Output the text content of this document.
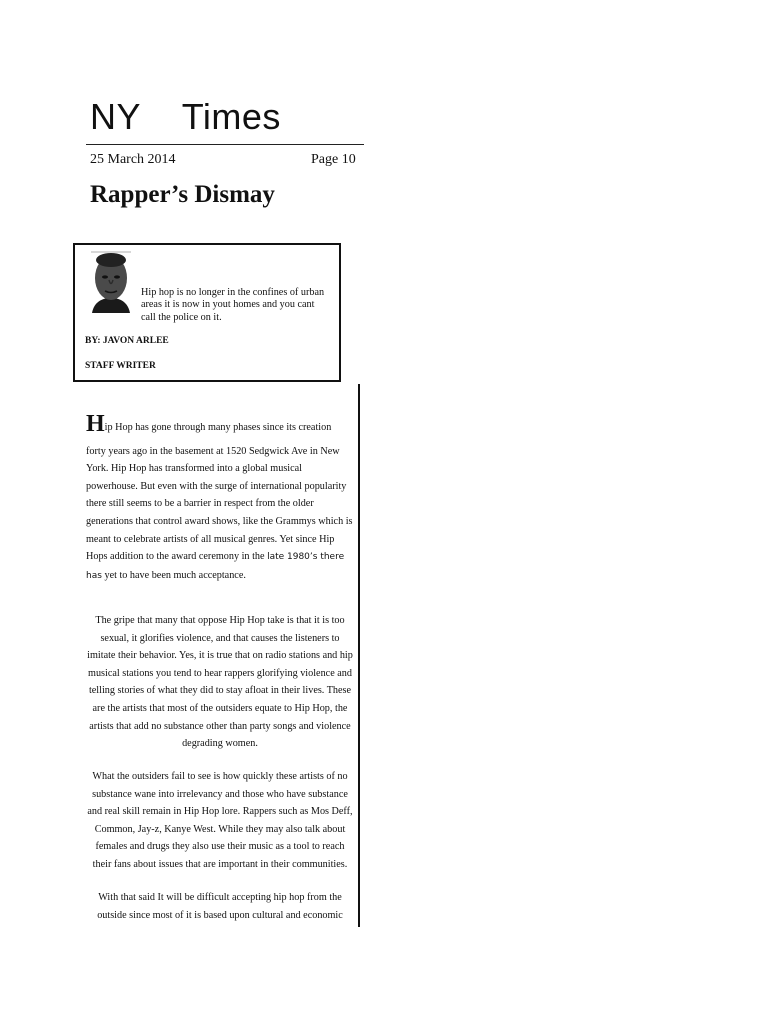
NY    Times
25 March 2014	Page 10
Rapper’s Dismay
Hip hop is no longer in the confines of urban areas it is now in yout homes and you cant call the police on it.
BY: JAVON ARLEE
STAFF WRITER
Hip Hop has gone through many phases since its creation
forty years ago in the basement at 1520 Sedgwick Ave in New York. Hip Hop has transformed into a global musical powerhouse. But even with the surge of international popularity there still seems to be a barrier in respect from the older generations that control award shows, like the Grammys which is meant to celebrate artists of all musical genres. Yet since Hip Hops addition to the award ceremony in the late 1980’s there has yet to have been much acceptance.
The gripe that many that oppose Hip Hop take is that it is too sexual, it glorifies violence, and that causes the listeners to imitate their behavior. Yes, it is true that on radio stations and hip musical stations you tend to hear rappers glorifying violence and telling stories of what they did to stay afloat in their lives. These are the artists that most of the outsiders equate to Hip Hop, the artists that add no substance other than party songs and violence degrading women.
What the outsiders fail to see is how quickly these artists of no substance wane into irrelevancy and those who have substance and real skill remain in Hip Hop lore. Rappers such as Mos Deff, Common, Jay-z, Kanye West. While they may also talk about females and drugs they also use their music as a tool to reach their fans about issues that are important in their communities.
With that said It will be difficult accepting hip hop from the outside since most of it is based upon cultural and economic
